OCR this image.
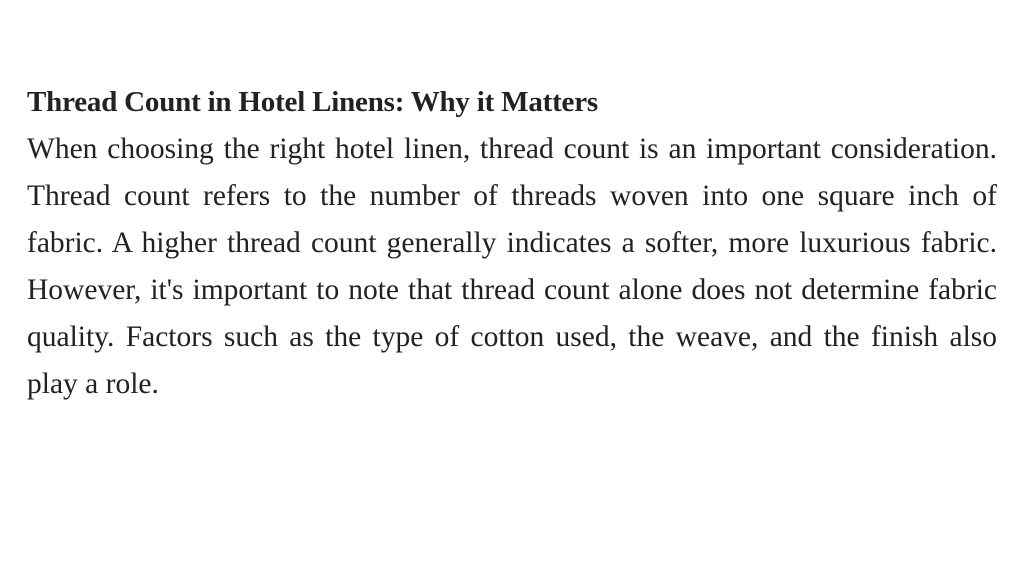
Thread Count in Hotel Linens: Why it Matters

When choosing the right hotel linen, thread count is an important consideration. Thread count refers to the number of threads woven into one square inch of fabric. A higher thread count generally indicates a softer, more luxurious fabric. However, it's important to note that thread count alone does not determine fabric quality. Factors such as the type of cotton used, the weave, and the finish also play a role.
